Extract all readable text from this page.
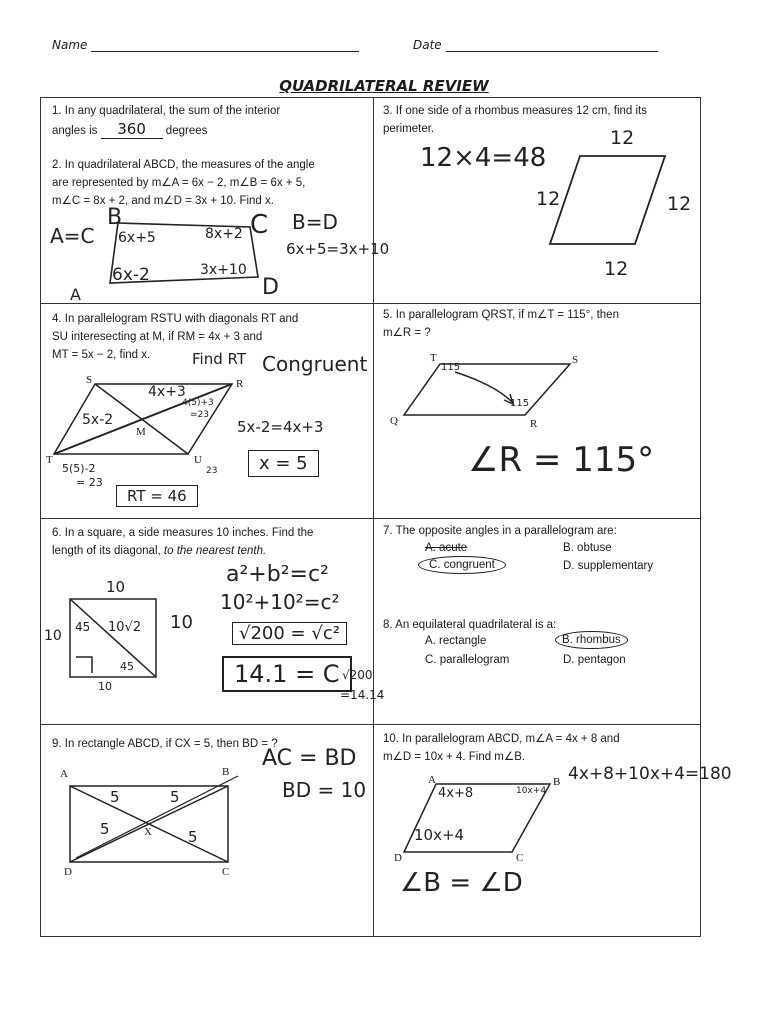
Name	Date
QUADRILATERAL REVIEW
1. In any quadrilateral, the sum of the interior
angles is 360 degrees
2. In quadrilateral ABCD, the measures of the angle
are represented by m∠A = 6x − 2, m∠B = 6x + 5,
m∠C = 8x + 2, and m∠D = 3x + 10. Find x.
A=C
B
6x+5	8x+2 C B=D
6x+5=3x+10
6x-2	3x+10
D
A
3. If one side of a rhombus measures 12 cm, find its
perimeter.
12×4=48
12
12	12
12
4. In parallelogram RSTU with diagonals RT and
SU interesecting at M, if RM = 4x + 3 and
MT = 5x − 2, find x.
S	R
T	U
M
Find RT Congruent
4x+3
5x-2
4(5)+3
=23
5x-2=4x+3
x = 5
5(5)-2
= 23
23
RT = 46
5. In parallelogram QRST, if m∠T = 115°, then
m∠R = ?
T	S
Q	R
115
115
∠R = 115°
6. In a square, a side measures 10 inches. Find the
length of its diagonal, to the nearest tenth.
10
10
10
10
45
45
10√2
a²+b²=c²
10²+10²=c²
√200 = √c²
14.1 = C √200
=14.14
7. The opposite angles in a parallelogram are:
A. acute	B. obtuse
C. congruent	D. supplementary
8. An equilateral quadrilateral is a:
A. rectangle	B. rhombus
C. parallelogram	D. pentagon
9. In rectangle ABCD, if CX = 5, then BD = ?
A	B
D	C
X
5	5
5	5
AC = BD
BD = 10
10. In parallelogram ABCD, m∠A = 4x + 8 and
m∠D = 10x + 4. Find m∠B.
A	B
D	C
4x+8+10x+4=180
4x+8	10x+4
10x+4
∠B = ∠D
